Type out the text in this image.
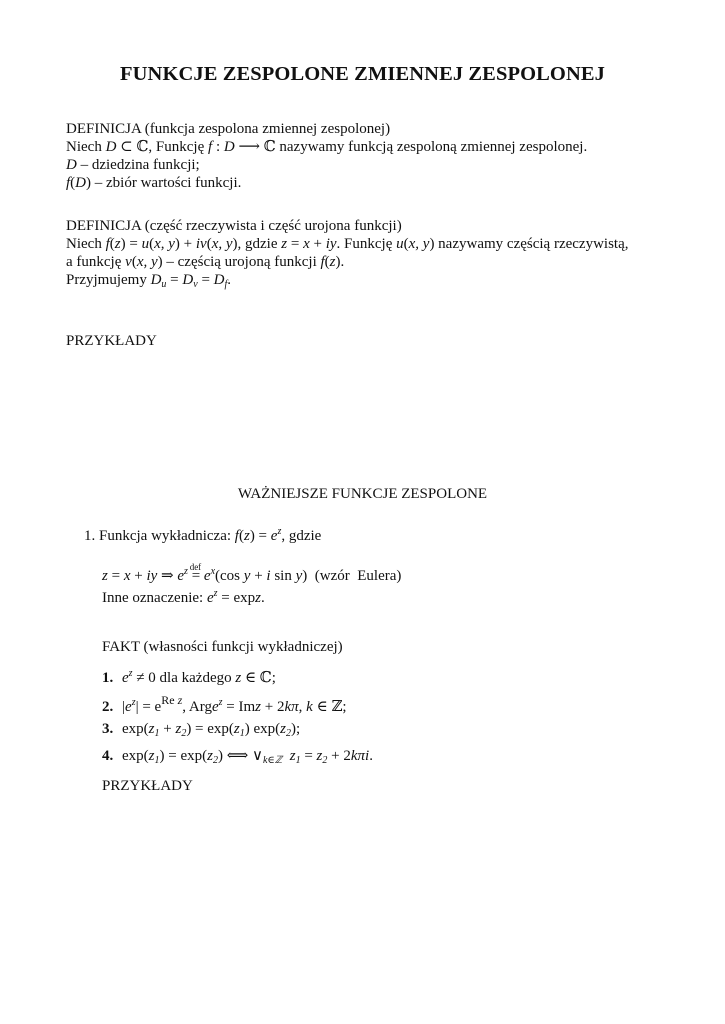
FUNKCJE ZESPOLONE ZMIENNEJ ZESPOLONEJ
DEFINICJA (funkcja zespolona zmiennej zespolonej)
Niech D ⊂ ℂ, Funkcję f : D ⟶ ℂ nazywamy funkcją zespoloną zmiennej zespolonej.
D – dziedzina funkcji;
f(D) – zbiór wartości funkcji.
DEFINICJA (część rzeczywista i część urojona funkcji)
Niech f(z) = u(x, y) + iv(x, y), gdzie z = x + iy. Funkcję u(x, y) nazywamy częścią rzeczywistą,
a funkcję v(x, y) – częścią urojoną funkcji f(z).
Przyjmujemy $D_u = D_v = D_f$.
PRZYKŁADY
WAŻNIEJSZE FUNKCJE ZESPOLONE
1. Funkcja wykładnicza: $f(z) = e^z$, gdzie
z = x + iy ⇒ $e^z$ def
= $e^x(\cos$ y + i sin y)  (wzór  Eulera)
Inne oznaczenie: $e^z = \exp z$.
FAKT (własności funkcji wykładniczej)
1. $e^z \ne 0$ dla każdego z ∈ ℂ;
2. $|e^z| = e^{Re z}$, Arge$^z$ = Imz + 2kπ, k ∈ ℤ;
3. $\exp(z_1 + z_2) = \exp(z_1)$ $\exp(z_2)$;
4. $\exp(z_1) = \exp(z_2)$ ⟺ $\vee_{k\in ℤ}$ $z_1 = z_2 + 2k\pi i$.
PRZYKŁADY
